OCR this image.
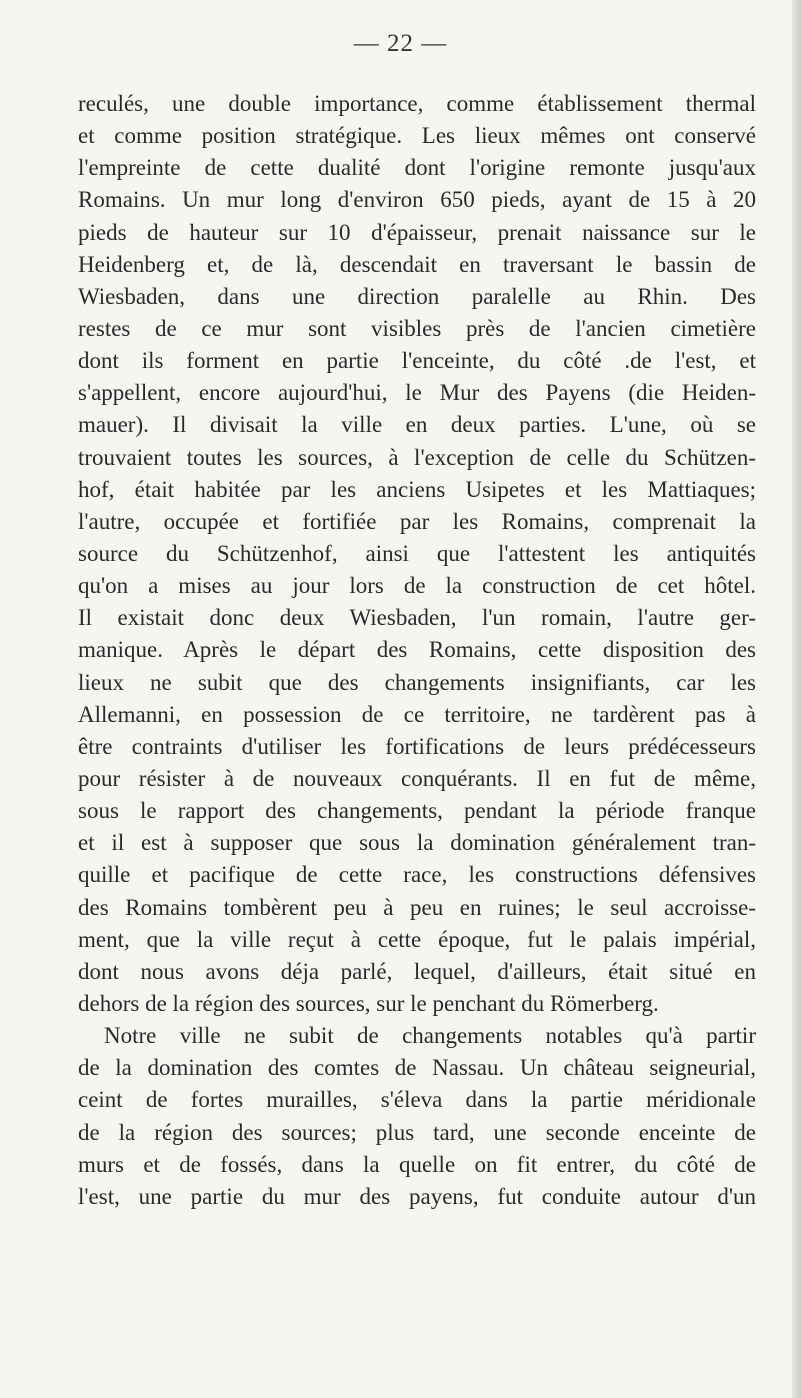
— 22 —
reculés, une double importance, comme établissement thermal
et comme position stratégique. Les lieux mêmes ont conservé
l'empreinte de cette dualité dont l'origine remonte jusqu'aux
Romains. Un mur long d'environ 650 pieds, ayant de 15 à 20
pieds de hauteur sur 10 d'épaisseur, prenait naissance sur le
Heidenberg et, de là, descendait en traversant le bassin de
Wiesbaden, dans une direction paralelle au Rhin. Des
restes de ce mur sont visibles près de l'ancien cimetière
dont ils forment en partie l'enceinte, du côté .de l'est, et
s'appellent, encore aujourd'hui, le Mur des Payens (die Heiden-
mauer). Il divisait la ville en deux parties. L'une, où se
trouvaient toutes les sources, à l'exception de celle du Schützen-
hof, était habitée par les anciens Usipetes et les Mattiaques;
l'autre, occupée et fortifiée par les Romains, comprenait la
source du Schützenhof, ainsi que l'attestent les antiquités
qu'on a mises au jour lors de la construction de cet hôtel.
Il existait donc deux Wiesbaden, l'un romain, l'autre ger-
manique. Après le départ des Romains, cette disposition des
lieux ne subit que des changements insignifiants, car les
Allemanni, en possession de ce territoire, ne tardèrent pas à
être contraints d'utiliser les fortifications de leurs prédécesseurs
pour résister à de nouveaux conquérants. Il en fut de même,
sous le rapport des changements, pendant la période franque
et il est à supposer que sous la domination généralement tran-
quille et pacifique de cette race, les constructions défensives
des Romains tombèrent peu à peu en ruines; le seul accroisse-
ment, que la ville reçut à cette époque, fut le palais impérial,
dont nous avons déja parlé, lequel, d'ailleurs, était situé en
dehors de la région des sources, sur le penchant du Römerberg.
Notre ville ne subit de changements notables qu'à partir
de la domination des comtes de Nassau. Un château seigneurial,
ceint de fortes murailles, s'éleva dans la partie méridionale
de la région des sources; plus tard, une seconde enceinte de
murs et de fossés, dans la quelle on fit entrer, du côté de
l'est, une partie du mur des payens, fut conduite autour d'un
